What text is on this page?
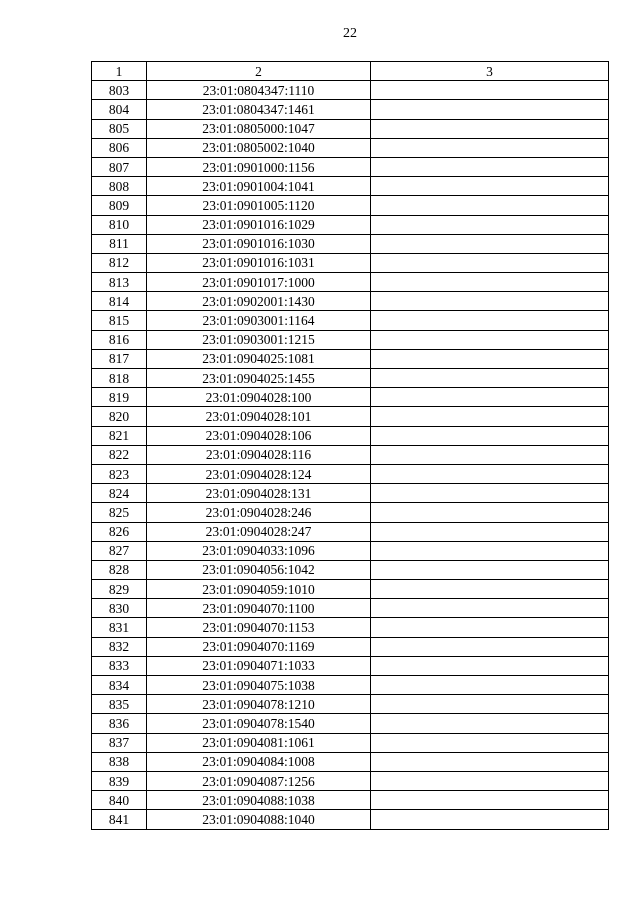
22
1	2	3
803	23:01:0804347:1110	
804	23:01:0804347:1461	
805	23:01:0805000:1047	
806	23:01:0805002:1040	
807	23:01:0901000:1156	
808	23:01:0901004:1041	
809	23:01:0901005:1120	
810	23:01:0901016:1029	
811	23:01:0901016:1030	
812	23:01:0901016:1031	
813	23:01:0901017:1000	
814	23:01:0902001:1430	
815	23:01:0903001:1164	
816	23:01:0903001:1215	
817	23:01:0904025:1081	
818	23:01:0904025:1455	
819	23:01:0904028:100	
820	23:01:0904028:101	
821	23:01:0904028:106	
822	23:01:0904028:116	
823	23:01:0904028:124	
824	23:01:0904028:131	
825	23:01:0904028:246	
826	23:01:0904028:247	
827	23:01:0904033:1096	
828	23:01:0904056:1042	
829	23:01:0904059:1010	
830	23:01:0904070:1100	
831	23:01:0904070:1153	
832	23:01:0904070:1169	
833	23:01:0904071:1033	
834	23:01:0904075:1038	
835	23:01:0904078:1210	
836	23:01:0904078:1540	
837	23:01:0904081:1061	
838	23:01:0904084:1008	
839	23:01:0904087:1256	
840	23:01:0904088:1038	
841	23:01:0904088:1040	
